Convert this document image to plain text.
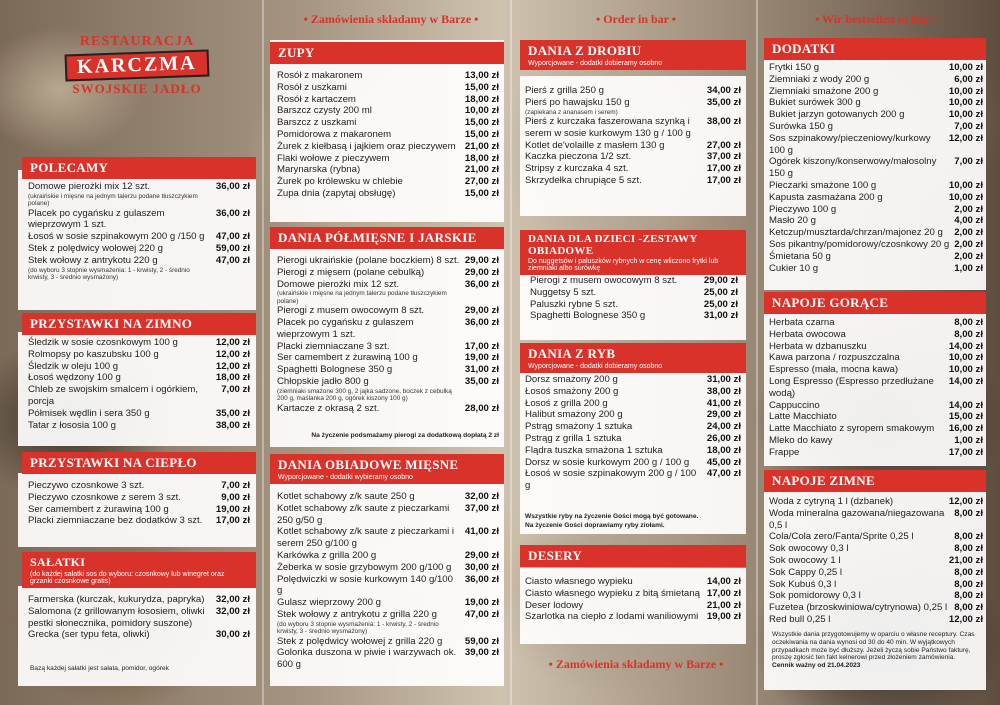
• Zamówienia składamy w Barze •	• Order in bar •	• Wir bestsellen in Bar •
• Zamówienia składamy w Barze •
RESTAURACJA
KARCZMA
SWOJSKIE JADŁO
POLECAMY
Domowe pierożki mix 12 szt.
(ukraińskie i mięsne na jednym talerzu podane tłuszczykiem polane)
36,00 zł
Placek po cygańsku z gulaszem wieprzowym 1 szt.
36,00 zł
Łosoś w sosie szpinakowym 200 g /150 g	47,00 zł
Stek z polędwicy wołowej 220 g	59,00 zł
Stek wołowy z antrykotu 220 g
(do wyboru 3 stopnie wysmażenia: 1 - krwisty, 2 - średnio krwisty, 3 - średnio wysmażony)
47,00 zł
PRZYSTAWKI NA ZIMNO
Śledzik w sosie czosnkowym 100 g	12,00 zł
Rolmopsy po kaszubsku 100 g	12,00 zł
Śledzik w oleju 100 g	12,00 zł
Łosoś wędzony 100 g	18,00 zł
Chleb ze swojskim smalcem i ogórkiem, porcja
7,00 zł
Półmisek wędlin i sera 350 g	35,00 zł
Tatar z łososia 100 g	38,00 zł
PRZYSTAWKI NA CIEPŁO
Pieczywo czosnkowe 3 szt.	7,00 zł
Pieczywo czosnkowe z serem 3 szt.	9,00 zł
Ser camembert z żurawiną 100 g	19,00 zł
Placki ziemniaczane bez dodatków 3 szt.	17,00 zł
SAŁATKI
(do każdej sałatki sos do wyboru: czosnkowy lub winegret oraz grzanki czosnkowe gratis)
Farmerska (kurczak, kukurydza, papryka)	32,00 zł
Salomona (z grillowanym łososiem, oliwki pestki słonecznika, pomidory suszone)
32,00 zł
Grecka (ser typu feta, oliwki)	30,00 zł
Bazą każdej sałatki jest sałata, pomidor, ogórek
ZUPY
Rosół z makaronem	13,00 zł
Rosół z uszkami	15,00 zł
Rosół z kartaczem	18,00 zł
Barszcz czysty 200 ml	10,00 zł
Barszcz z uszkami	15,00 zł
Pomidorowa z makaronem	15,00 zł
Żurek z kiełbasą i jajkiem oraz pieczywem 21,00 zł
Flaki wołowe z pieczywem	18,00 zł
Marynarska (rybna)	21,00 zł
Żurek po królewsku w chlebie	27,00 zł
Zupa dnia (zapytaj obsługę)	15,00 zł
DANIA PÓŁMIĘSNE I JARSKIE
Pierogi ukraińskie (polane boczkiem) 8 szt. 29,00 zł
Pierogi z mięsem (polane cebulką)	29,00 zł
Domowe pierożki mix 12 szt.
(ukraińskie i mięsne na jednym talerzu podane tłuszczykiem polane)
36,00 zł
Pierogi z musem owocowym 8 szt.	29,00 zł
Placek po cygańsku z gulaszem wieprzowym 1 szt.
36,00 zł
Placki ziemniaczane 3 szt.	17,00 zł
Ser camembert z żurawiną 100 g	19,00 zł
Spaghetti Bolognese 350 g	31,00 zł
Chłopskie jadło 800 g
(ziemniaki smażone 300 g, 2 jajka sadzone, boczek z cebulką 200 g, maślanka 200 g, ogórek kiszony 100 g)
35,00 zł
Kartacze z okrasą 2 szt.	28,00 zł
Na życzenie podsmażamy pierogi za dodatkową dopłatą 2 zł
DANIA OBIADOWE MIĘSNE
Wyporcjowane - dodatki wybieramy osobno
Kotlet schabowy z/k saute 250 g	32,00 zł
Kotlet schabowy z/k saute z pieczarkami 250 g/50 g
37,00 zł
Kotlet schabowy z/k saute z pieczarkami i serem 250 g/100 g
41,00 zł
Karkówka z grilla 200 g	29,00 zł
Żeberka w sosie grzybowym 200 g/100 g	30,00 zł
Polędwiczki w sosie kurkowym 140 g/100 g
36,00 zł
Gulasz wieprzowy 200 g	19,00 zł
Stek wołowy z antrykotu z grilla 220 g
(do wyboru 3 stopnie wysmażenia: 1 - krwisty, 2 - średnio krwisty, 3 - średnio wysmażony)
47,00 zł
Stek z polędwicy wołowej z grilla 220 g	59,00 zł
Golonka duszona w piwie i warzywach ok. 600 g
39,00 zł
DANIA Z DROBIU
Wyporcjowane - dodatki dobieramy osobno
Pierś z grilla 250 g	34,00 zł
Pierś po hawajsku 150 g
(zapiekana z ananasem i serem)
35,00 zł
Pierś z kurczaka faszerowana szynką i serem w sosie kurkowym 130 g / 100 g
38,00 zł
Kotlet de'volaille z masłem 130 g	27,00 zł
Kaczka pieczona 1/2 szt.	37,00 zł
Stripsy z kurczaka 4 szt.	17,00 zł
Skrzydełka chrupiące 5 szt.	17,00 zł
DANIA DLA DZIECI -ZESTAWY OBIADOWE
Do nuggetsów i paluszków rybnych w cenę wliczono frytki lub ziemniaki albo surówkę
Pierogi z musem owocowym 8 szt.	29,00 zł
Nuggetsy 5 szt.	25,00 zł
Paluszki rybne 5 szt.	25,00 zł
Spaghetti Bolognese 350 g	31,00 zł
DANIA Z RYB
Wyporcjowane - dodatki dobieramy osobno
Dorsz smażony 200 g	31,00 zł
Łosoś smażony 200 g	38,00 zł
Łosoś z grilla 200 g	41,00 zł
Halibut smażony 200 g	29,00 zł
Pstrąg smażony 1 sztuka	24,00 zł
Pstrąg z grilla 1 sztuka	26,00 zł
Flądra tuszka smażona 1 sztuka	18,00 zł
Dorsz w sosie kurkowym 200 g / 100 g	45,00 zł
Łosoś w sosie szpinakowym 200 g / 100 g
47,00 zł
Wszystkie ryby na życzenie Gości mogą być gotowane.
Na życzenie Gości doprawiamy ryby ziołami.
DESERY
Ciasto własnego wypieku	14,00 zł
Ciasto własnego wypieku z bitą śmietaną 17,00 zł
Deser lodowy	21,00 zł
Szarlotka na ciepło z lodami waniliowymi 19,00 zł
DODATKI
Frytki 150 g	10,00 zł
Ziemniaki z wody 200 g	6,00 zł
Ziemniaki smażone 200 g	10,00 zł
Bukiet surówek 300 g	10,00 zł
Bukiet jarzyn gotowanych 200 g	10,00 zł
Surówka 150 g	7,00 zł
Sos szpinakowy/pieczeniowy/kurkowy 100 g
12,00 zł
Ogórek kiszony/konserwowy/małosolny 150 g
7,00 zł
Pieczarki smażone 100 g	10,00 zł
Kapusta zasmażana 200 g	10,00 zł
Pieczywo 100 g	2,00 zł
Masło 20 g	4,00 zł
Ketczup/musztarda/chrzan/majonez 20 g	2,00 zł
Sos pikantny/pomidorowy/czosnkowy 20 g 2,00 zł
Śmietana 50 g	2,00 zł
Cukier 10 g	1,00 zł
NAPOJE GORĄCE
Herbata czarna	8,00 zł
Herbata owocowa	8,00 zł
Herbata w dzbanuszku	14,00 zł
Kawa parzona / rozpuszczalna	10,00 zł
Espresso (mała, mocna kawa)	10,00 zł
Long Espresso (Espresso przedłużane wodą)
14,00 zł
Cappuccino	14,00 zł
Latte Macchiato	15,00 zł
Latte Macchiato z syropem smakowym	16,00 zł
Mleko do kawy	1,00 zł
Frappe	17,00 zł
NAPOJE ZIMNE
Woda z cytryną 1 l (dzbanek)	12,00 zł
Woda mineralna gazowana/niegazowana 0,5 l
8,00 zł
Cola/Cola zero/Fanta/Sprite 0,25 l	8,00 zł
Sok owocowy 0,3 l	8,00 zł
Sok owocowy 1 l	21,00 zł
Sok Cappy 0,25 l	8,00 zł
Sok Kubuś 0,3 l	8,00 zł
Sok pomidorowy 0,3 l	8,00 zł
Fuzetea (brzoskwiniowa/cytrynowa) 0,25 l 8,00 zł
Red bull 0,25 l	12,00 zł
Wszystkie dania przygotowujemy w oparciu o własne receptury. Czas oczekiwania na dania wynosi od 30 do 40 min. W wyjątkowych przypadkach może być dłuższy. Jeżeli życzą sobie Państwo fakturę, proszę zgłosić ten fakt kelnerowi przed złożeniem zamówienia.
Cennik ważny od 21.04.2023
